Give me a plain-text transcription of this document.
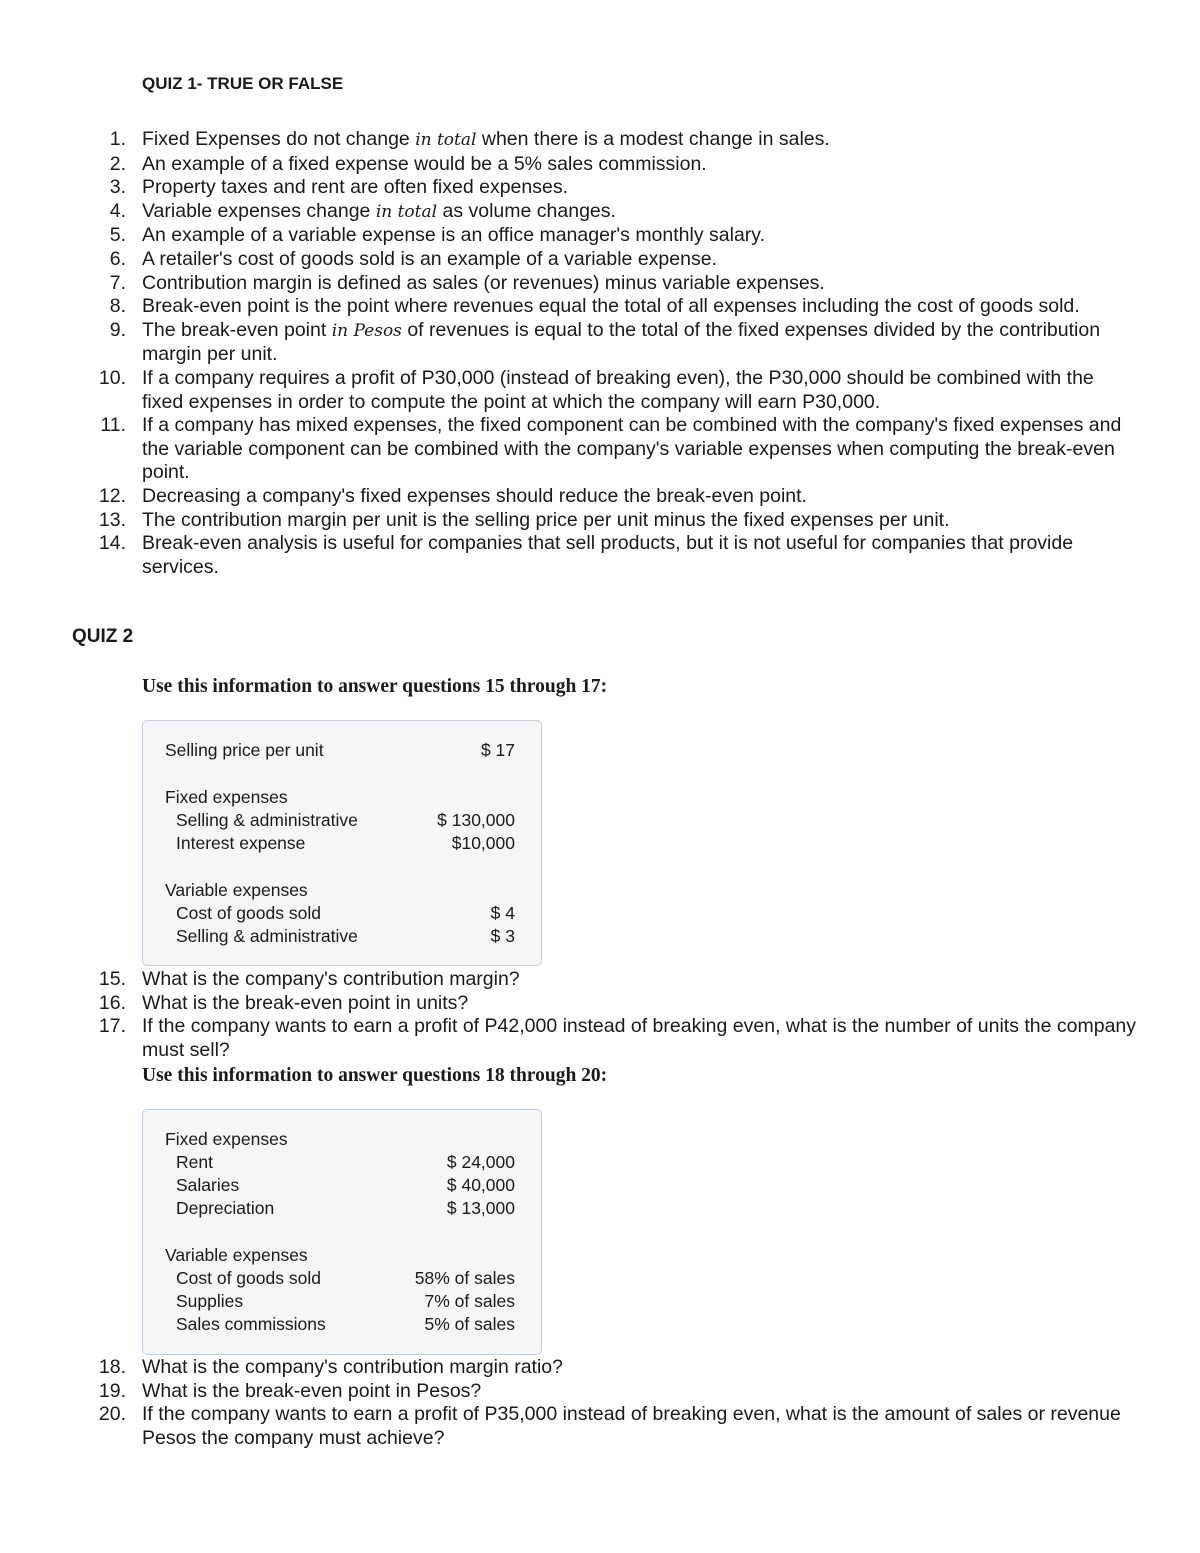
QUIZ 1- TRUE OR FALSE
1. Fixed Expenses do not change in total when there is a modest change in sales.
2. An example of a fixed expense would be a 5% sales commission.
3. Property taxes and rent are often fixed expenses.
4. Variable expenses change in total as volume changes.
5. An example of a variable expense is an office manager's monthly salary.
6. A retailer's cost of goods sold is an example of a variable expense.
7. Contribution margin is defined as sales (or revenues) minus variable expenses.
8. Break-even point is the point where revenues equal the total of all expenses including the cost of goods sold.
9. The break-even point in Pesos of revenues is equal to the total of the fixed expenses divided by the contribution margin per unit.
10. If a company requires a profit of P30,000 (instead of breaking even), the P30,000 should be combined with the fixed expenses in order to compute the point at which the company will earn P30,000.
11. If a company has mixed expenses, the fixed component can be combined with the company's fixed expenses and the variable component can be combined with the company's variable expenses when computing the break-even point.
12. Decreasing a company's fixed expenses should reduce the break-even point.
13. The contribution margin per unit is the selling price per unit minus the fixed expenses per unit.
14. Break-even analysis is useful for companies that sell products, but it is not useful for companies that provide services.
QUIZ 2
Use this information to answer questions 15 through 17:
Selling price per unit	$ 17
Fixed expenses
Selling & administrative	$ 130,000
Interest expense	$10,000
Variable expenses
Cost of goods sold	$ 4
Selling & administrative	$ 3
15. What is the company's contribution margin?
16. What is the break-even point in units?
17. If the company wants to earn a profit of P42,000 instead of breaking even, what is the number of units the company must sell?
Use this information to answer questions 18 through 20:
Fixed expenses
Rent	$ 24,000
Salaries	$ 40,000
Depreciation	$ 13,000
Variable expenses
Cost of goods sold	58% of sales
Supplies	7% of sales
Sales commissions	5% of sales
18. What is the company's contribution margin ratio?
19. What is the break-even point in Pesos?
20. If the company wants to earn a profit of P35,000 instead of breaking even, what is the amount of sales or revenue Pesos the company must achieve?
